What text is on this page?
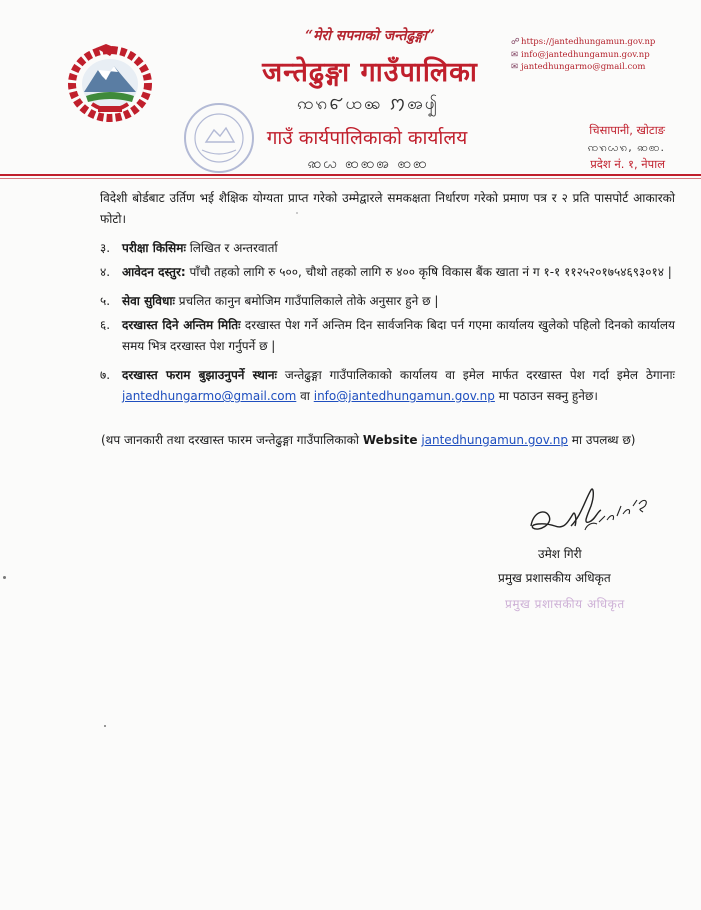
“मेरो सपनाको जन्तेढुङ्गा”
जन्तेढुङ्गा गाउँपालिका
ꩡꩫ꩔ꩤꩩ ꩀꩨꩴ
गाउँ कार्यपालिकाको कार्यालय
ꩣꩬ ꩧꩧꩨ ꩧꩧ
☍https://jantedhungamun.gov.np
✉ info@jantedhungamun.gov.np
✉ jantedhungarmo@gmail.com
चिसापानी, खोटाङ
ꩡꩫꩬꩫ, ꩣꩧ.
प्रदेश नं. १, नेपाल
विदेशी बोर्डबाट उर्तिण भई शैक्षिक योग्यता प्राप्त गरेको उम्मेद्वारले समकक्षता निर्धारण गरेको प्रमाण पत्र र २ प्रति पासपोर्ट आकारको फोटो।
३. परीक्षा किसिमः लिखित र अन्तरवार्ता
४. आवेदन दस्तुर: पाँचौ तहको लागि रु ५००, चौथो तहको लागि रु ४०० कृषि विकास बैंक खाता नं ग १-१ ११२५२०१७५४६९३०१४ |
५. सेवा सुविधाः प्रचलित कानुन बमोजिम गाउँपालिकाले तोके अनुसार हुने छ |
६. दरखास्त दिने अन्तिम मितिः दरखास्त पेश गर्ने अन्तिम दिन सार्वजनिक बिदा पर्न गएमा कार्यालय खुलेको पहिलो दिनको कार्यालय समय भित्र दरखास्त पेश गर्नुपर्ने छ |
७. दरखास्त फराम बुझाउनुपर्ने स्थानः जन्तेढुङ्गा गाउँपालिकाको कार्यालय वा इमेल मार्फत दरखास्त पेश गर्दा इमेल ठेगानाः jantedhungarmo@gmail.com वा info@jantedhungamun.gov.np मा पठाउन सक्नु हुनेछ।
(थप जानकारी तथा दरखास्त फारम जन्तेढुङ्गा गाउँपालिकाको Website jantedhungamun.gov.np मा उपलब्ध छ)
उमेश गिरी
प्रमुख प्रशासकीय अधिकृत
प्रमुख प्रशासकीय अधिकृत
